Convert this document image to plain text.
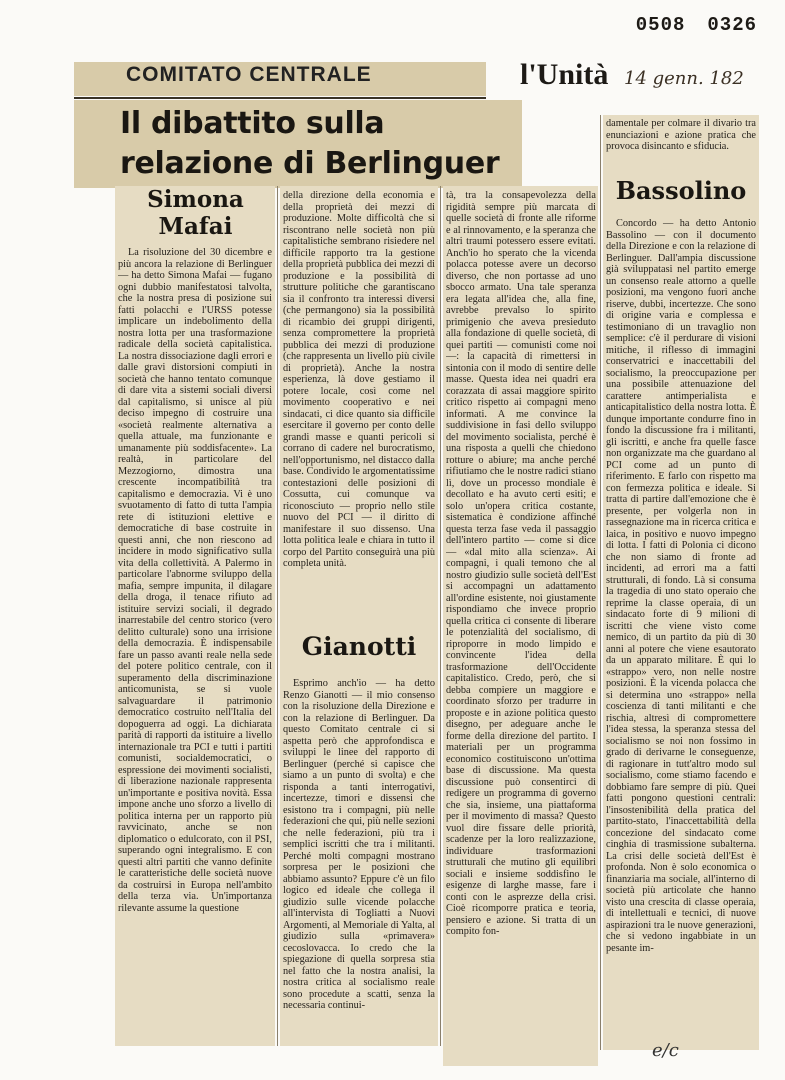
0508 0326
COMITATO CENTRALE	l'Unità 14 genn. 182
Il dibattito sulla relazione di Berlinguer
Simona Mafai

La risoluzione del 30 dicembre e più ancora la relazione di Berlinguer — ha detto Simona Mafai — fugano ogni dubbio manifestatosi talvolta, che la nostra presa di posizione sui fatti polacchi e l'URSS potesse implicare un indebolimento della nostra lotta per una trasformazione radicale della società capitalistica. La nostra dissociazione dagli errori e dalle gravi distorsioni compiuti in società che hanno tentato comunque di dare vita a sistemi sociali diversi dal capitalismo, si unisce al più deciso impegno di costruire una «società realmente alternativa a quella attuale, ma funzionante e umanamente più soddisfacente». La realtà, in particolare del Mezzogiorno, dimostra una crescente incompatibilità tra capitalismo e democrazia. Vi è uno svuotamento di fatto di tutta l'ampia rete di istituzioni elettive e democratiche di base costruite in questi anni, che non riescono ad incidere in modo significativo sulla vita della collettività. A Palermo in particolare l'abnorme sviluppo della mafia, sempre impunita, il dilagare della droga, il tenace rifiuto ad istituire servizi sociali, il degrado inarrestabile del centro storico (vero delitto culturale) sono una irrisione della democrazia. È indispensabile fare un passo avanti reale nella sede del potere politico centrale, con il superamento della discriminazione anticomunista, se si vuole salvaguardare il patrimonio democratico costruito nell'Italia del dopoguerra ad oggi. La dichiarata parità di rapporti da istituire a livello internazionale tra PCI e tutti i partiti comunisti, socialdemocratici, o espressione dei movimenti socialisti, di liberazione nazionale rappresenta un'importante e positiva novità. Essa impone anche uno sforzo a livello di politica interna per un rapporto più ravvicinato, anche se non diplomatico o edulcorato, con il PSI, superando ogni integralismo. E con questi altri partiti che vanno definite le caratteristiche delle società nuove da costruirsi in Europa nell'ambito della terza via. Un'importanza rilevante assume la questione

della direzione della economia e della proprietà dei mezzi di produzione. Molte difficoltà che si riscontrano nelle società non più capitalistiche sembrano risiedere nel difficile rapporto tra la gestione della proprietà pubblica dei mezzi di produzione e la possibilità di strutture politiche che garantiscano sia il confronto tra interessi diversi (che permangono) sia la possibilità di ricambio dei gruppi dirigenti, senza compromettere la proprietà pubblica dei mezzi di produzione (che rappresenta un livello più civile di proprietà). Anche la nostra esperienza, là dove gestiamo il potere locale, così come nel movimento cooperativo e nei sindacati, ci dice quanto sia difficile esercitare il governo per conto delle grandi masse e quanti pericoli si corrano di cadere nel burocratismo, nell'opportunismo, nel distacco dalla base. Condivido le argomentatissime contestazioni delle posizioni di Cossutta, cui comunque va riconosciuto — proprio nello stile nuovo del PCI — il diritto di manifestare il suo dissenso. Una lotta politica leale e chiara in tutto il corpo del Partito conseguirà una più completa unità.

Gianotti

Esprimo anch'io — ha detto Renzo Gianotti — il mio consenso con la risoluzione della Direzione e con la relazione di Berlinguer. Da questo Comitato centrale ci si aspetta però che approfondisca e sviluppi le linee del rapporto di Berlinguer (perché si capisce che siamo a un punto di svolta) e che risponda a tanti interrogativi, incertezze, timori e dissensi che esistono tra i compagni, più nelle federazioni che qui, più nelle sezioni che nelle federazioni, più tra i semplici iscritti che tra i militanti. Perché molti compagni mostrano sorpresa per le posizioni che abbiamo assunto? Eppure c'è un filo logico ed ideale che collega il giudizio sulle vicende polacche all'intervista di Togliatti a Nuovi Argomenti, al Memoriale di Yalta, al giudizio sulla «primavera» cecoslovacca. Io credo che la spiegazione di quella sorpresa stia nel fatto che la nostra analisi, la nostra critica al socialismo reale sono procedute a scatti, senza la necessaria continui-

tà, tra la consapevolezza della rigidità sempre più marcata di quelle società di fronte alle riforme e al rinnovamento, e la speranza che altri traumi potessero essere evitati. Anch'io ho sperato che la vicenda polacca potesse avere un decorso diverso, che non portasse ad uno sbocco armato. Una tale speranza era legata all'idea che, alla fine, avrebbe prevalso lo spirito primigenio che aveva presieduto alla fondazione di quelle società, di quei partiti — comunisti come noi —: la capacità di rimettersi in sintonia con il modo di sentire delle masse. Questa idea nei quadri era corazzata di assai maggiore spirito critico rispetto ai compagni meno informati. A me convince la suddivisione in fasi dello sviluppo del movimento socialista, perché è una risposta a quelli che chiedono rotture o abiure; ma anche perché rifiutiamo che le nostre radici stiano lì, dove un processo mondiale è decollato e ha avuto certi esiti; e solo un'opera critica costante, sistematica è condizione affinché questa terza fase veda il passaggio dell'intero partito — come si dice — «dal mito alla scienza». Ai compagni, i quali temono che al nostro giudizio sulle società dell'Est si accompagni un adattamento all'ordine esistente, noi giustamente rispondiamo che invece proprio quella critica ci consente di liberare le potenzialità del socialismo, di riproporre in modo limpido e convincente l'idea della trasformazione dell'Occidente capitalistico. Credo, però, che si debba compiere un maggiore e coordinato sforzo per tradurre in proposte e in azione politica questo disegno, per adeguare anche le forme della direzione del partito. I materiali per un programma economico costituiscono un'ottima base di discussione. Ma questa discussione può consentirci di redigere un programma di governo che sia, insieme, una piattaforma per il movimento di massa? Questo vuol dire fissare delle priorità, scadenze per la loro realizzazione, individuare trasformazioni strutturali che mutino gli equilibri sociali e insieme soddisfino le esigenze di larghe masse, fare i conti con le asprezze della crisi. Cioè ricomporre pratica e teoria, pensiero e azione. Si tratta di un compito fon-

damentale per colmare il divario tra enunciazioni e azione pratica che provoca disincanto e sfiducia.

Bassolino

Concordo — ha detto Antonio Bassolino — con il documento della Direzione e con la relazione di Berlinguer. Dall'ampia discussione già sviluppatasi nel partito emerge un consenso reale attorno a quelle posizioni, ma vengono fuori anche riserve, dubbi, incertezze. Che sono di origine varia e complessa e testimoniano di un travaglio non semplice: c'è il perdurare di visioni mitiche, il riflesso di immagini conservatrici e inaccettabili del socialismo, la preoccupazione per una possibile attenuazione del carattere antimperialista e anticapitalistico della nostra lotta. È dunque importante condurre fino in fondo la discussione fra i militanti, gli iscritti, e anche fra quelle fasce non organizzate ma che guardano al PCI come ad un punto di riferimento. E farlo con rispetto ma con fermezza politica e ideale. Si tratta di partire dall'emozione che è presente, per volgerla non in rassegnazione ma in ricerca critica e laica, in positivo e nuovo impegno di lotta. I fatti di Polonia ci dicono che non siamo di fronte ad incidenti, ad errori ma a fatti strutturali, di fondo. Là si consuma la tragedia di uno stato operaio che reprime la classe operaia, di un sindacato forte di 9 milioni di iscritti che viene visto come nemico, di un partito da più di 30 anni al potere che viene esautorato da un apparato militare. È qui lo «strappo» vero, non nelle nostre posizioni. È la vicenda polacca che si determina uno «strappo» nella coscienza di tanti militanti e che rischia, altresì di compromettere l'idea stessa, la speranza stessa del socialismo se noi non fossimo in grado di derivarne le conseguenze, di ragionare in tutt'altro modo sul socialismo, come stiamo facendo e dobbiamo fare sempre di più. Quei fatti pongono questioni centrali: l'insostenibilità della pratica del partito-stato, l'inaccettabilità della concezione del sindacato come cinghia di trasmissione subalterna. La crisi delle società dell'Est è profonda. Non è solo economica o finanziaria ma sociale, all'interno di società più articolate che hanno visto una crescita di classe operaia, di intellettuali e tecnici, di nuove aspirazioni tra le nuove generazioni, che si vedono ingabbiate in un pesante im-

e/c
